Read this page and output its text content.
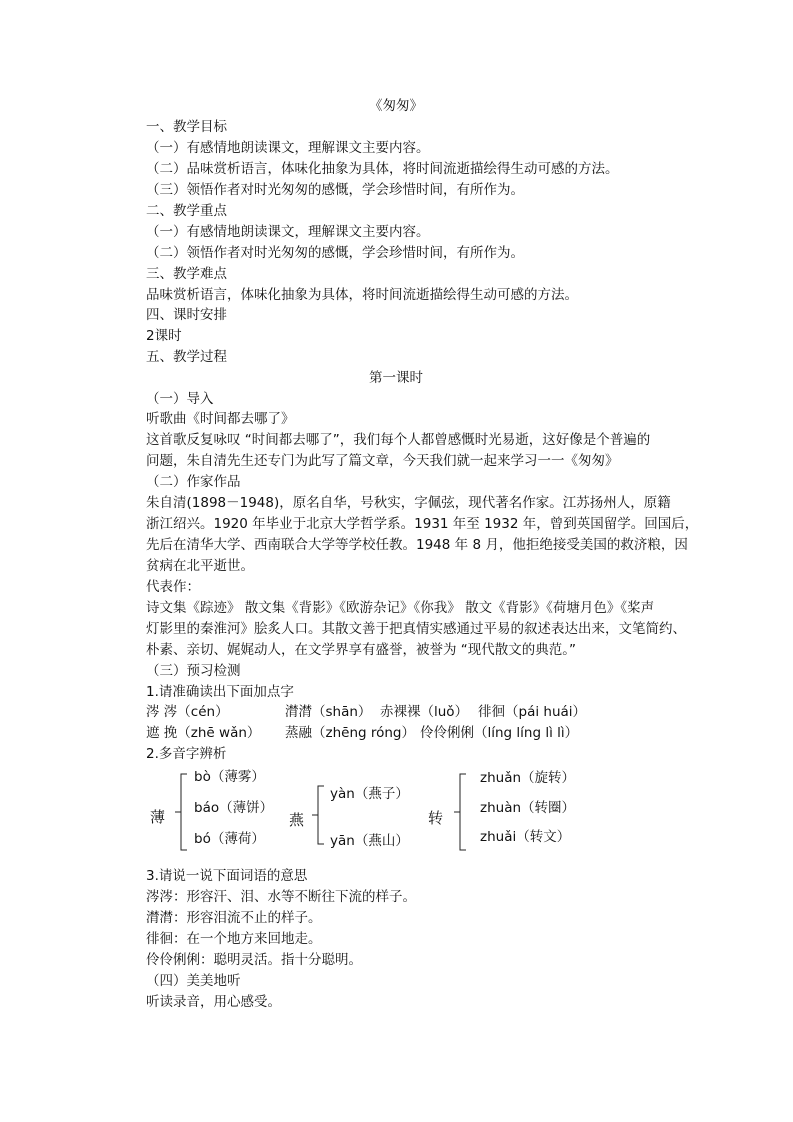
《匆匆》
一、教学目标
（一）有感情地朗读课文，理解课文主要内容。
（二）品味赏析语言，体味化抽象为具体，将时间流逝描绘得生动可感的方法。
（三）领悟作者对时光匆匆的感慨，学会珍惜时间，有所作为。
二、教学重点
（一）有感情地朗读课文，理解课文主要内容。
（二）领悟作者对时光匆匆的感慨，学会珍惜时间，有所作为。
三、教学难点
品味赏析语言，体味化抽象为具体，将时间流逝描绘得生动可感的方法。
四、课时安排
2课时
五、教学过程
第一课时
（一）导入
听歌曲《时间都去哪了》
这首歌反复咏叹 “时间都去哪了”，我们每个人都曾感慨时光易逝，这好像是个普遍的
问题，朱自清先生还专门为此写了篇文章，今天我们就一起来学习一一《匆匆》
（二）作家作品
朱自清(1898－1948)，原名自华，号秋实，字佩弦，现代著名作家。江苏扬州人，原籍
浙江绍兴。1920 年毕业于北京大学哲学系。1931 年至 1932 年，曾到英国留学。回国后，
先后在清华大学、西南联合大学等学校任教。1948 年 8 月，他拒绝接受美国的救济粮，因
贫病在北平逝世。
代表作：
诗文集《踪迹》 散文集《背影》《欧游杂记》《你我》 散文《背影》《荷塘月色》《桨声
灯影里的秦淮河》脍炙人口。其散文善于把真情实感通过平易的叙述表达出来，文笔简约、
朴素、亲切、娓娓动人，在文学界享有盛誉，被誉为 “现代散文的典范。”
（三）预习检测
1.请准确读出下面加点字
涔 涔（cén）	潸潸（shān） 赤裸裸（luǒ） 徘徊（pái huái）
遮 挽（zhē wǎn） 蒸融（zhēng róng） 伶伶俐俐（líng líng lì lì）
2.多音字辨析
薄
bò（薄雾）
báo（薄饼）
bó（薄荷）
燕
yàn（燕子）
yān（燕山）
转
zhuǎn（旋转）
zhuàn（转圈）
zhuǎi（转文）
3.请说一说下面词语的意思
涔涔：形容汗、泪、水等不断往下流的样子。
潸潸：形容泪流不止的样子。
徘徊：在一个地方来回地走。
伶伶俐俐：聪明灵活。指十分聪明。
（四）美美地听
听读录音，用心感受。
